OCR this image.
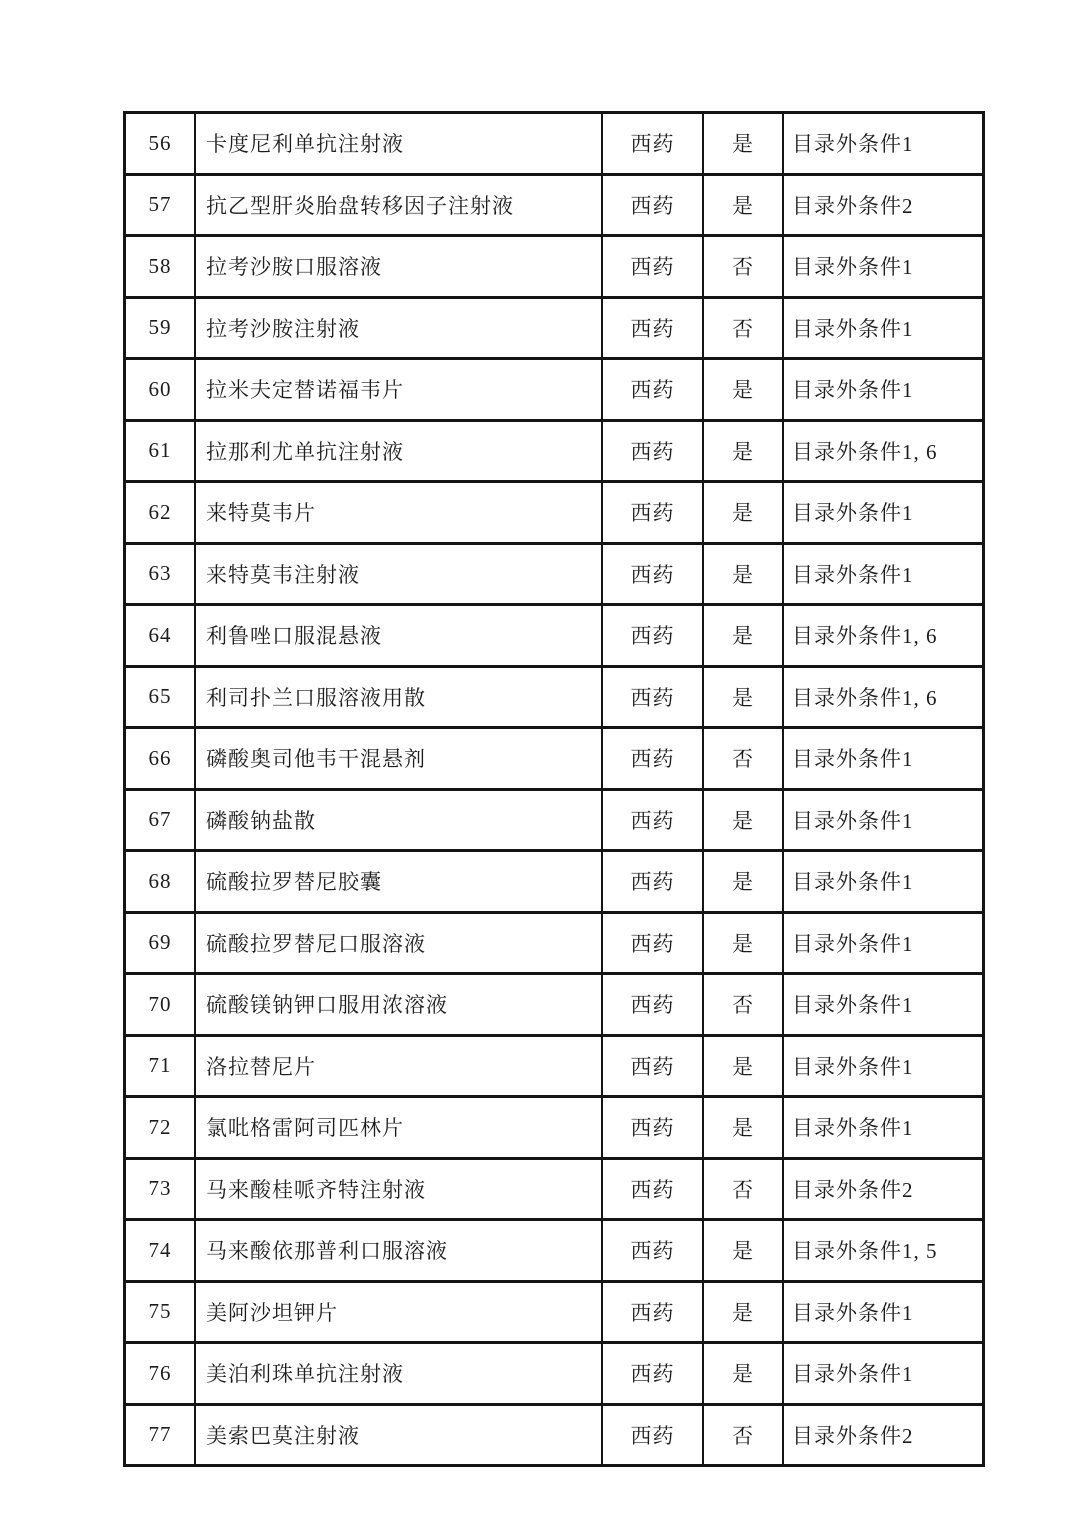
56	卡度尼利单抗注射液	西药	是	目录外条件1
57	抗乙型肝炎胎盘转移因子注射液	西药	是	目录外条件2
58	拉考沙胺口服溶液	西药	否	目录外条件1
59	拉考沙胺注射液	西药	否	目录外条件1
60	拉米夫定替诺福韦片	西药	是	目录外条件1
61	拉那利尤单抗注射液	西药	是	目录外条件1, 6
62	来特莫韦片	西药	是	目录外条件1
63	来特莫韦注射液	西药	是	目录外条件1
64	利鲁唑口服混悬液	西药	是	目录外条件1, 6
65	利司扑兰口服溶液用散	西药	是	目录外条件1, 6
66	磷酸奥司他韦干混悬剂	西药	否	目录外条件1
67	磷酸钠盐散	西药	是	目录外条件1
68	硫酸拉罗替尼胶囊	西药	是	目录外条件1
69	硫酸拉罗替尼口服溶液	西药	是	目录外条件1
70	硫酸镁钠钾口服用浓溶液	西药	否	目录外条件1
71	洛拉替尼片	西药	是	目录外条件1
72	氯吡格雷阿司匹林片	西药	是	目录外条件1
73	马来酸桂哌齐特注射液	西药	否	目录外条件2
74	马来酸依那普利口服溶液	西药	是	目录外条件1, 5
75	美阿沙坦钾片	西药	是	目录外条件1
76	美泊利珠单抗注射液	西药	是	目录外条件1
77	美索巴莫注射液	西药	否	目录外条件2
